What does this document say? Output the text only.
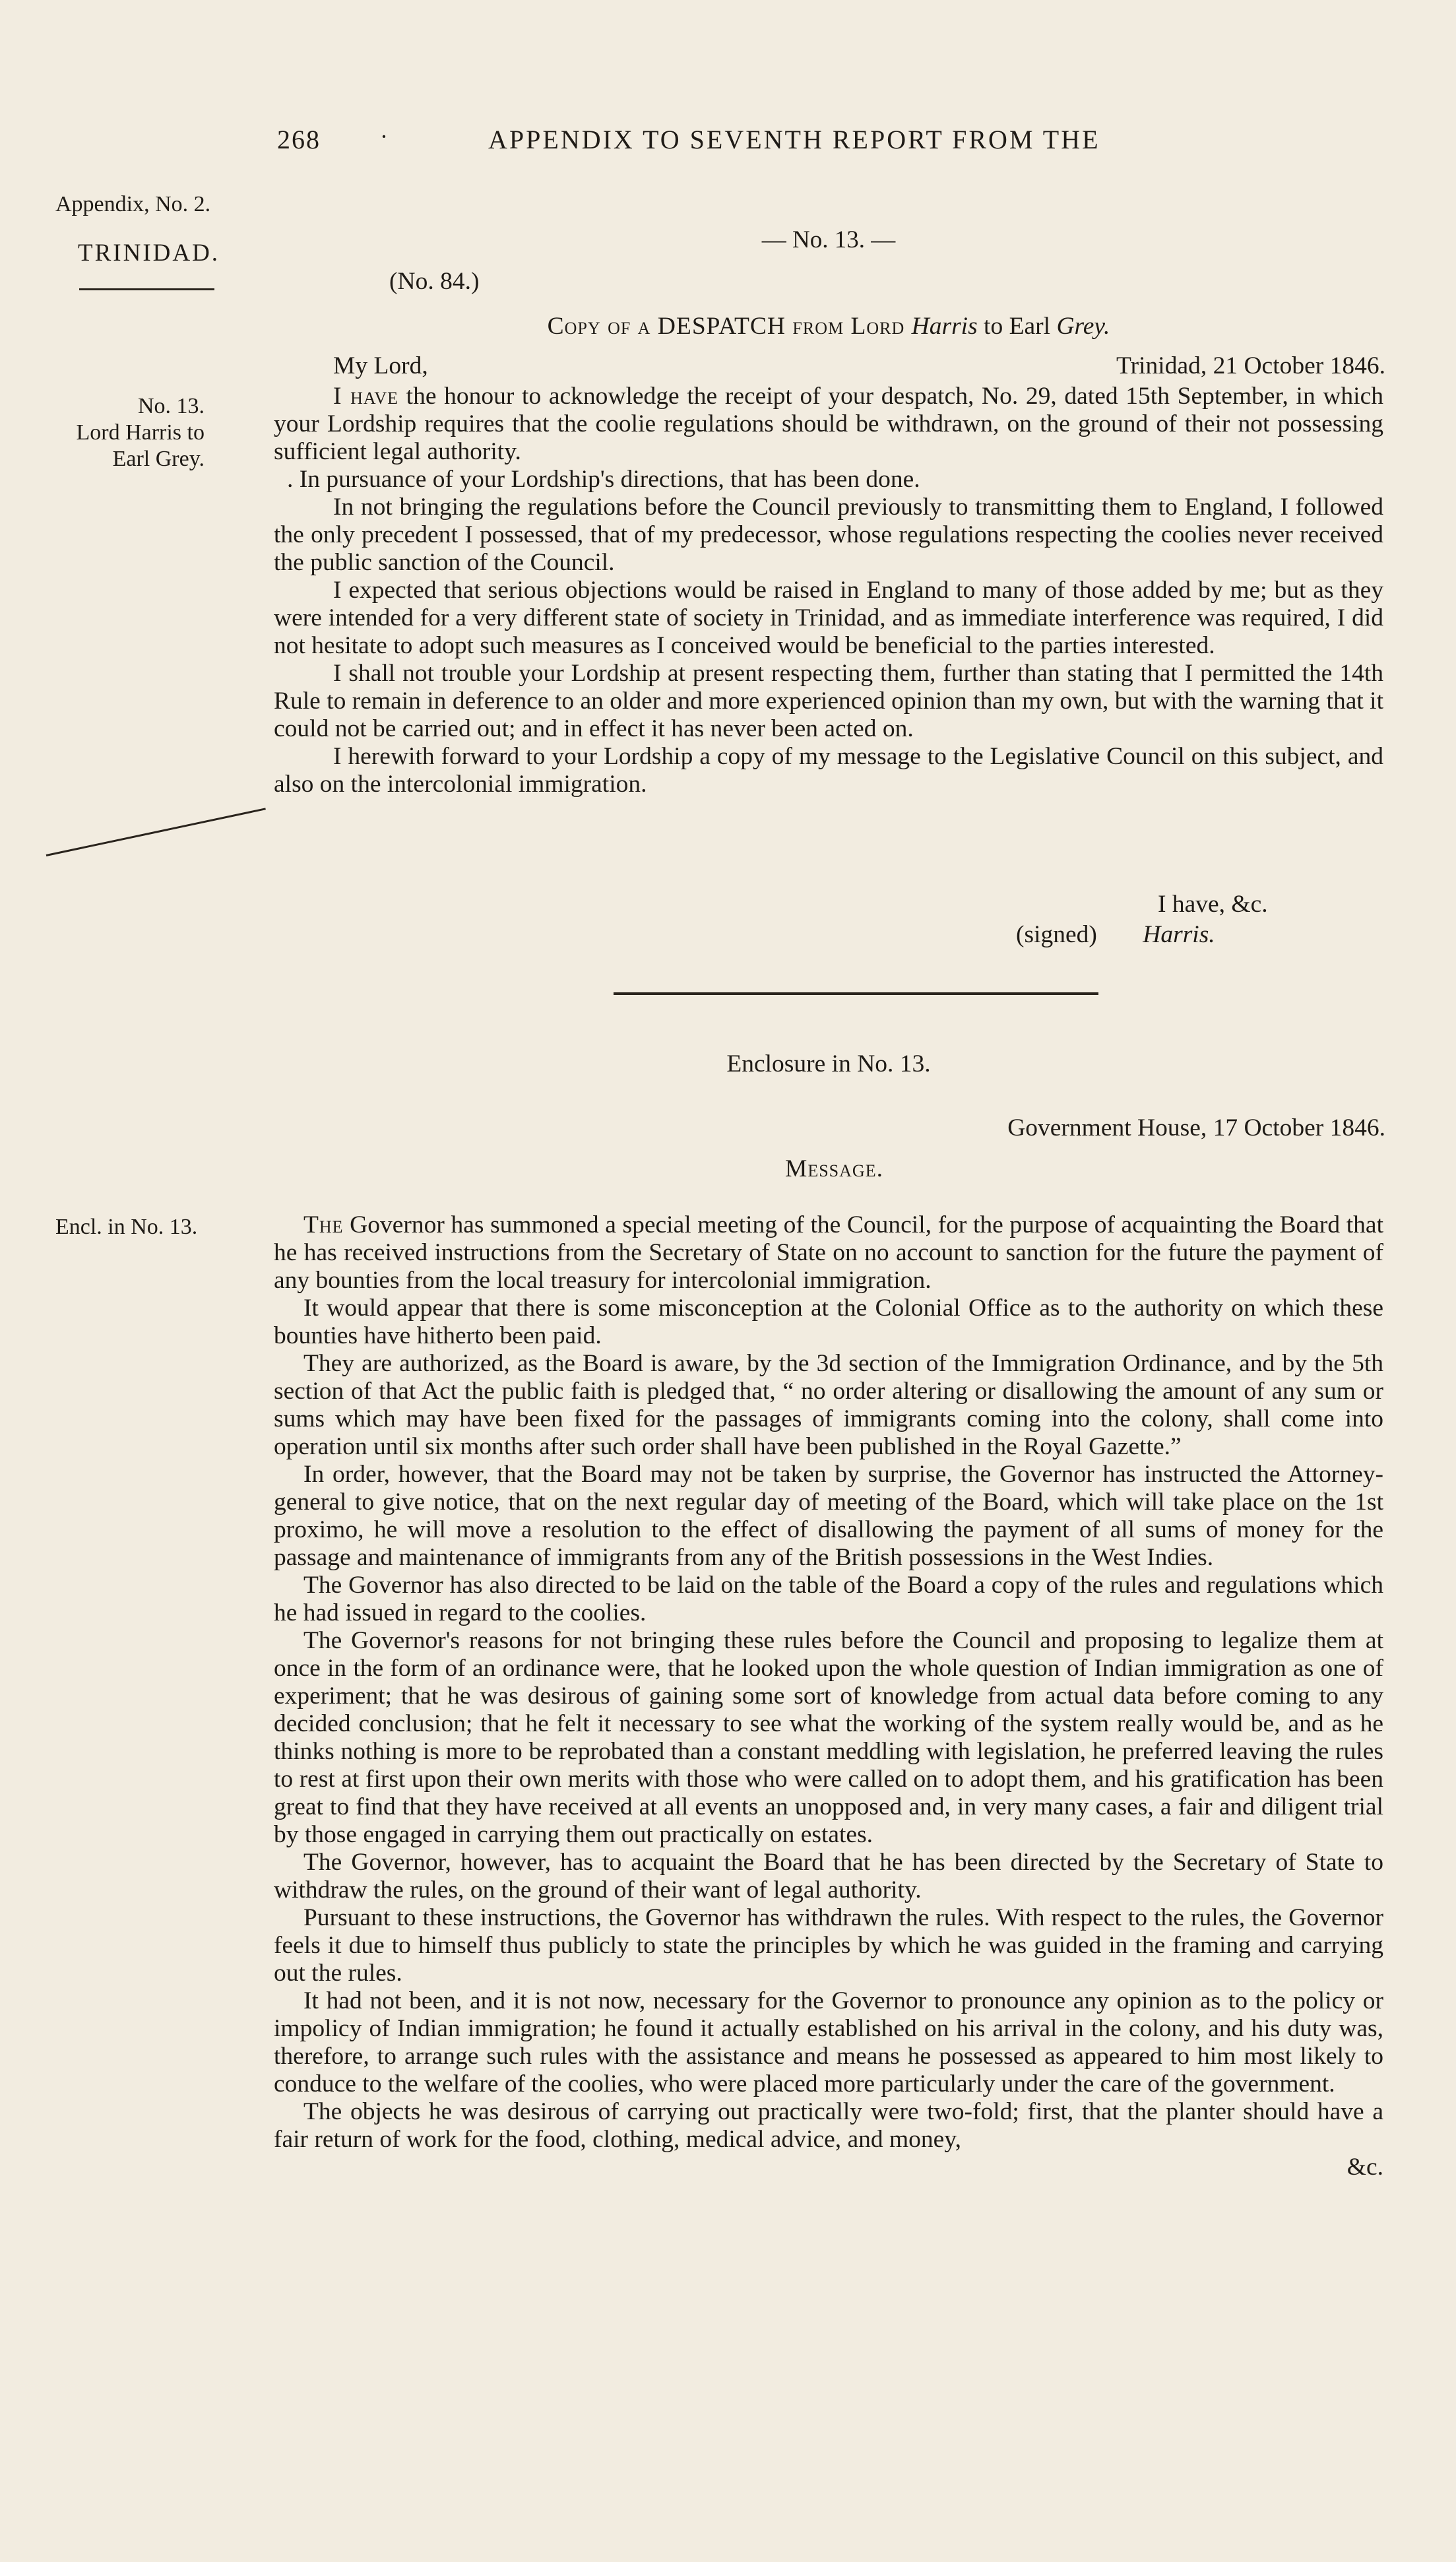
268	·	APPENDIX TO SEVENTH REPORT FROM THE
Appendix, No. 2.
TRINIDAD.
No. 13.
Lord Harris to
Earl Grey.
Encl. in No. 13.
— No. 13. —
(No. 84.)
Copy of a DESPATCH from Lord Harris to Earl Grey.
My Lord,	Trinidad, 21 October 1846.

I have the honour to acknowledge the receipt of your despatch, No. 29, dated 15th September, in which your Lordship requires that the coolie regulations should be withdrawn, on the ground of their not possessing sufficient legal authority.

. In pursuance of your Lordship's directions, that has been done.

In not bringing the regulations before the Council previously to transmitting them to England, I followed the only precedent I possessed, that of my predecessor, whose regulations respecting the coolies never received the public sanction of the Council.

I expected that serious objections would be raised in England to many of those added by me; but as they were intended for a very different state of society in Trinidad, and as immediate interference was required, I did not hesitate to adopt such measures as I conceived would be beneficial to the parties interested.

I shall not trouble your Lordship at present respecting them, further than stating that I permitted the 14th Rule to remain in deference to an older and more experienced opinion than my own, but with the warning that it could not be carried out; and in effect it has never been acted on.

I herewith forward to your Lordship a copy of my message to the Legislative Council on this subject, and also on the intercolonial immigration.

I have, &c.
(signed) Harris.
Enclosure in No. 13.
Government House, 17 October 1846.
Message.

The Governor has summoned a special meeting of the Council, for the purpose of acquainting the Board that he has received instructions from the Secretary of State on no account to sanction for the future the payment of any bounties from the local treasury for intercolonial immigration.

It would appear that there is some misconception at the Colonial Office as to the authority on which these bounties have hitherto been paid.

They are authorized, as the Board is aware, by the 3d section of the Immigration Ordinance, and by the 5th section of that Act the public faith is pledged that, “ no order altering or disallowing the amount of any sum or sums which may have been fixed for the passages of immigrants coming into the colony, shall come into operation until six months after such order shall have been published in the Royal Gazette.”

In order, however, that the Board may not be taken by surprise, the Governor has instructed the Attorney-general to give notice, that on the next regular day of meeting of the Board, which will take place on the 1st proximo, he will move a resolution to the effect of disallowing the payment of all sums of money for the passage and maintenance of immigrants from any of the British possessions in the West Indies.

The Governor has also directed to be laid on the table of the Board a copy of the rules and regulations which he had issued in regard to the coolies.

The Governor's reasons for not bringing these rules before the Council and proposing to legalize them at once in the form of an ordinance were, that he looked upon the whole question of Indian immigration as one of experiment; that he was desirous of gaining some sort of knowledge from actual data before coming to any decided conclusion; that he felt it necessary to see what the working of the system really would be, and as he thinks nothing is more to be reprobated than a constant meddling with legislation, he preferred leaving the rules to rest at first upon their own merits with those who were called on to adopt them, and his gratification has been great to find that they have received at all events an unopposed and, in very many cases, a fair and diligent trial by those engaged in carrying them out practically on estates.

The Governor, however, has to acquaint the Board that he has been directed by the Secretary of State to withdraw the rules, on the ground of their want of legal authority.

Pursuant to these instructions, the Governor has withdrawn the rules. With respect to the rules, the Governor feels it due to himself thus publicly to state the principles by which he was guided in the framing and carrying out the rules.

It had not been, and it is not now, necessary for the Governor to pronounce any opinion as to the policy or impolicy of Indian immigration; he found it actually established on his arrival in the colony, and his duty was, therefore, to arrange such rules with the assistance and means he possessed as appeared to him most likely to conduce to the welfare of the coolies, who were placed more particularly under the care of the government.

The objects he was desirous of carrying out practically were two-fold; first, that the planter should have a fair return of work for the food, clothing, medical advice, and money,

&c.
